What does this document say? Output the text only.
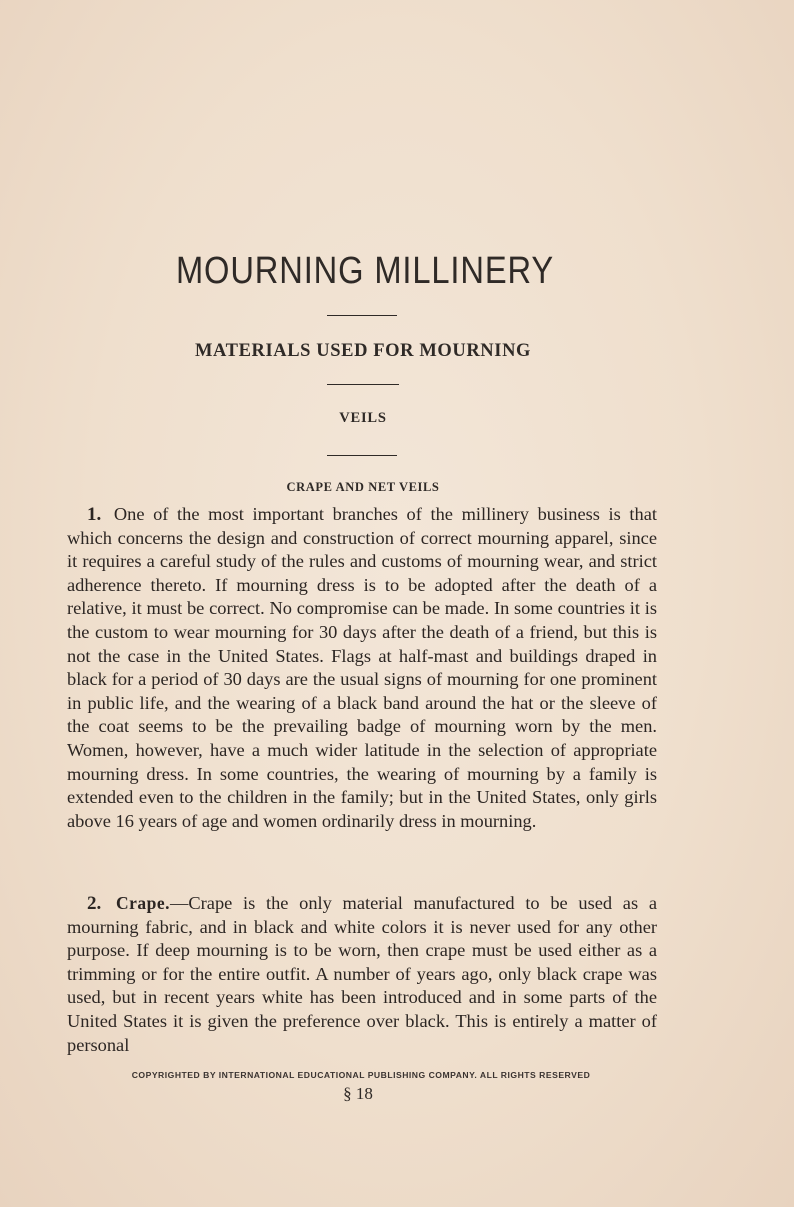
MOURNING MILLINERY
MATERIALS USED FOR MOURNING
VEILS
CRAPE AND NET VEILS
1. One of the most important branches of the millinery business is that which concerns the design and construction of correct mourning apparel, since it requires a careful study of the rules and customs of mourning wear, and strict adherence thereto. If mourning dress is to be adopted after the death of a relative, it must be correct. No compromise can be made. In some countries it is the custom to wear mourning for 30 days after the death of a friend, but this is not the case in the United States. Flags at half-mast and buildings draped in black for a period of 30 days are the usual signs of mourning for one prominent in public life, and the wearing of a black band around the hat or the sleeve of the coat seems to be the prevailing badge of mourning worn by the men. Women, however, have a much wider latitude in the selection of appropriate mourning dress. In some countries, the wearing of mourning by a family is extended even to the children in the family; but in the United States, only girls above 16 years of age and women ordinarily dress in mourning.
2. Crape.—Crape is the only material manufactured to be used as a mourning fabric, and in black and white colors it is never used for any other purpose. If deep mourning is to be worn, then crape must be used either as a trimming or for the entire outfit. A number of years ago, only black crape was used, but in recent years white has been introduced and in some parts of the United States it is given the preference over black. This is entirely a matter of personal
COPYRIGHTED BY INTERNATIONAL EDUCATIONAL PUBLISHING COMPANY. ALL RIGHTS RESERVED
§ 18
